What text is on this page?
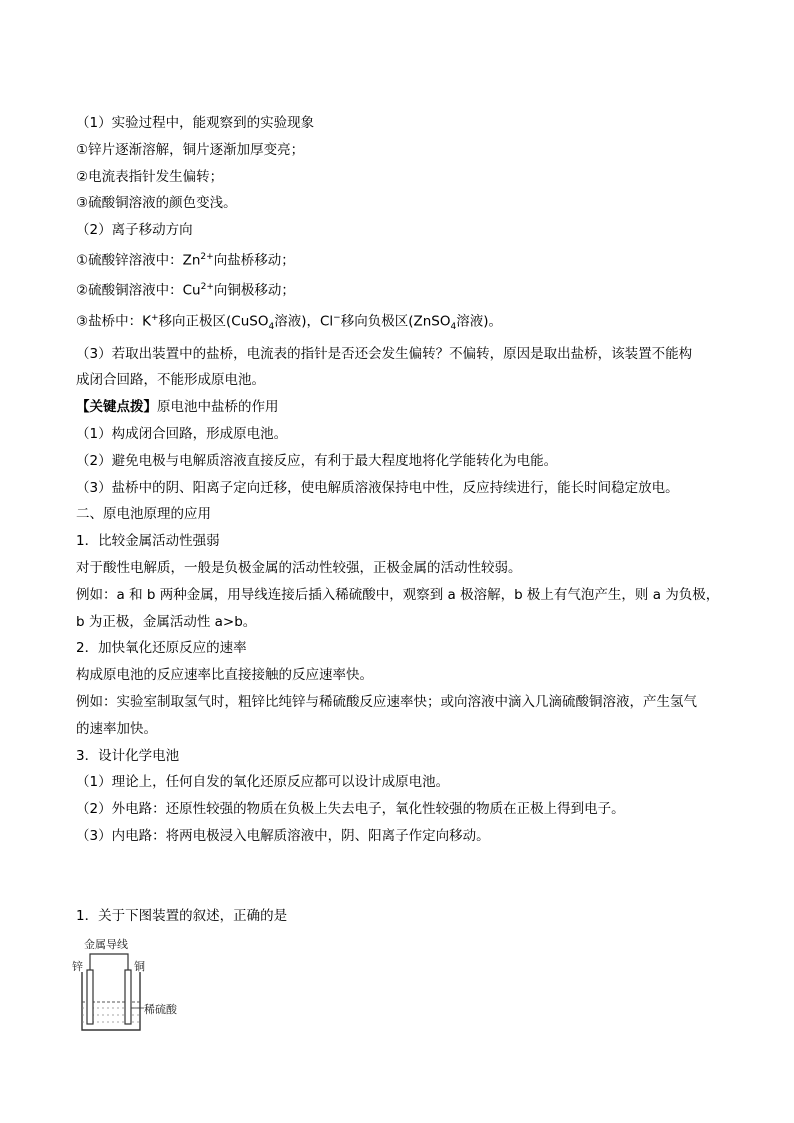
（1）实验过程中，能观察到的实验现象
①锌片逐渐溶解，铜片逐渐加厚变亮；
②电流表指针发生偏转；
③硫酸铜溶液的颜色变浅。
（2）离子移动方向
①硫酸锌溶液中：$Zn^{2+}$向盐桥移动；
②硫酸铜溶液中：$Cu^{2+}$向铜极移动；
③盐桥中：K+移向正极区(CuSO$_4$溶液)，Cl−移向负极区(ZnSO$_4$溶液)。
（3）若取出装置中的盐桥，电流表的指针是否还会发生偏转？不偏转，原因是取出盐桥，该装置不能构
成闭合回路，不能形成原电池。
【关键点拨】原电池中盐桥的作用
（1）构成闭合回路，形成原电池。
（2）避免电极与电解质溶液直接反应，有利于最大程度地将化学能转化为电能。
（3）盐桥中的阴、阳离子定向迁移，使电解质溶液保持电中性，反应持续进行，能长时间稳定放电。
二、原电池原理的应用
1．比较金属活动性强弱
对于酸性电解质，一般是负极金属的活动性较强，正极金属的活动性较弱。
例如：a 和 b 两种金属，用导线连接后插入稀硫酸中，观察到 a 极溶解，b 极上有气泡产生，则 a 为负极，
b 为正极，金属活动性 a>b。
2．加快氧化还原反应的速率
构成原电池的反应速率比直接接触的反应速率快。
例如：实验室制取氢气时，粗锌比纯锌与稀硫酸反应速率快；或向溶液中滴入几滴硫酸铜溶液，产生氢气
的速率加快。
3．设计化学电池
（1）理论上，任何自发的氧化还原反应都可以设计成原电池。
（2）外电路：还原性较强的物质在负极上失去电子，氧化性较强的物质在正极上得到电子。
（3）内电路：将两电极浸入电解质溶液中，阴、阳离子作定向移动。
1．关于下图装置的叙述，正确的是
金属导线
锌	铜
稀硫酸
